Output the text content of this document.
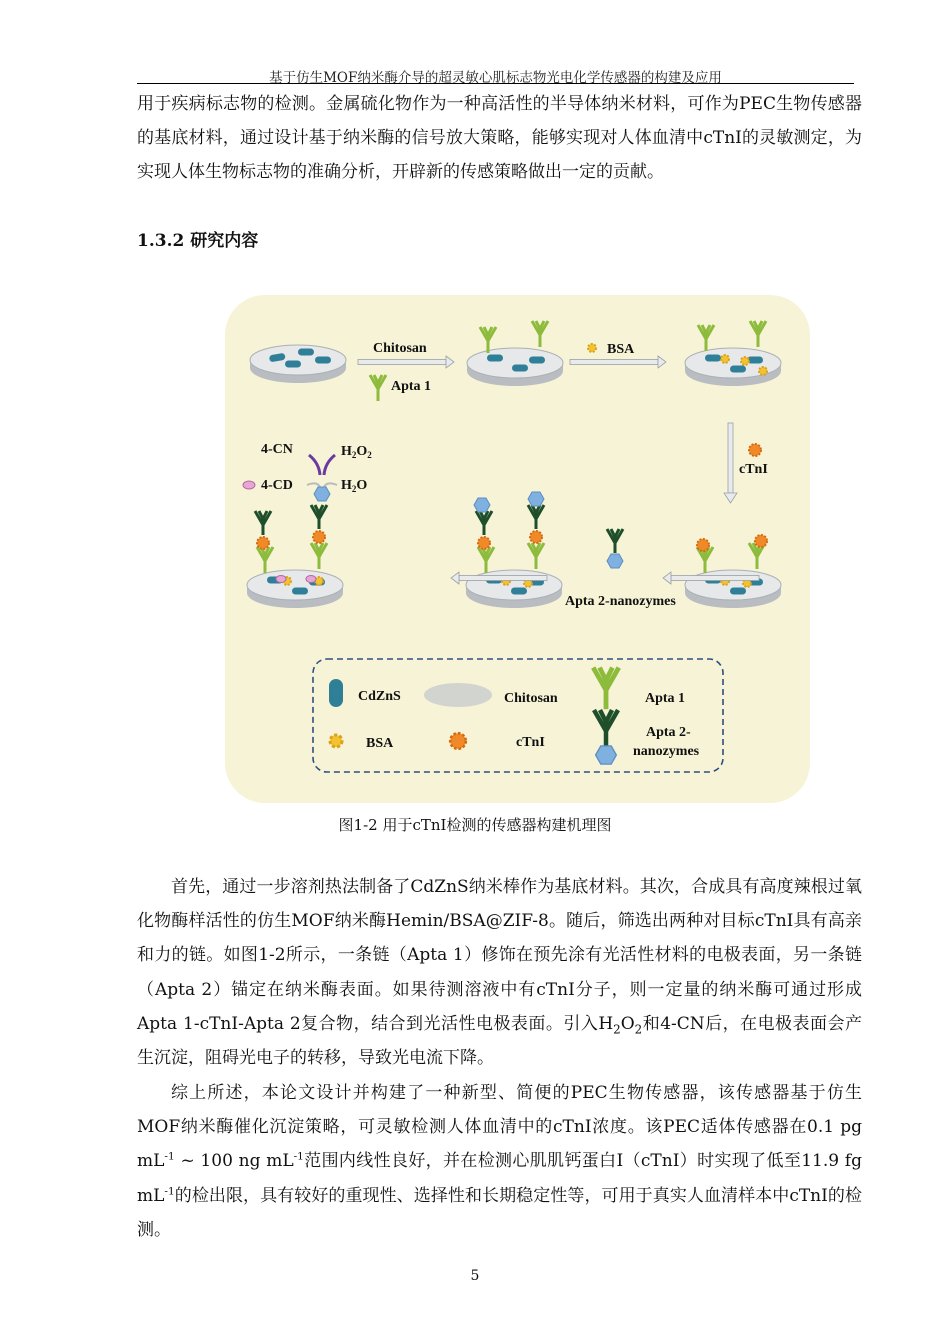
基于仿生MOF纳米酶介导的超灵敏心肌标志物光电化学传感器的构建及应用

用于疾病标志物的检测。金属硫化物作为一种高活性的半导体纳米材料，可作为PEC生物传感器的基底材料，通过设计基于纳米酶的信号放大策略，能够实现对人体血清中cTnI的灵敏测定，为实现人体生物标志物的准确分析，开辟新的传感策略做出一定的贡献。

1.3.2 研究内容
Chitosan
Apta 1
BSA
cTnI
Apta 2-nanozymes
4-CN	$H_2O_2$
4-CD	$H_2O$
CdZnS	Chitosan	Apta 1
BSA	cTnI
Apta 2-
nanozymes
图1-2 用于cTnI检测的传感器构建机理图

首先，通过一步溶剂热法制备了CdZnS纳米棒作为基底材料。其次，合成具有高度辣根过氧化物酶样活性的仿生MOF纳米酶Hemin/BSA@ZIF-8。随后，筛选出两种对目标cTnI具有高亲和力的链。如图1-2所示，一条链（Apta 1）修饰在预先涂有光活性材料的电极表面，另一条链（Apta 2）锚定在纳米酶表面。如果待测溶液中有cTnI分子，则一定量的纳米酶可通过形成Apta 1-cTnI-Apta 2复合物，结合到光活性电极表面。引入$H_2O_2$和4-CN后，在电极表面会产生沉淀，阻碍光电子的转移，导致光电流下降。

综上所述，本论文设计并构建了一种新型、简便的PEC生物传感器，该传感器基于仿生MOF纳米酶催化沉淀策略，可灵敏检测人体血清中的cTnI浓度。该PEC适体传感器在0.1 pg $mL^{-1}$ ~ 100 ng $mL^{-1}$范围内线性良好，并在检测心肌肌钙蛋白I（cTnI）时实现了低至11.9 fg $mL^{-1}$的检出限，具有较好的重现性、选择性和长期稳定性等，可用于真实人血清样本中cTnI的检测。

5
